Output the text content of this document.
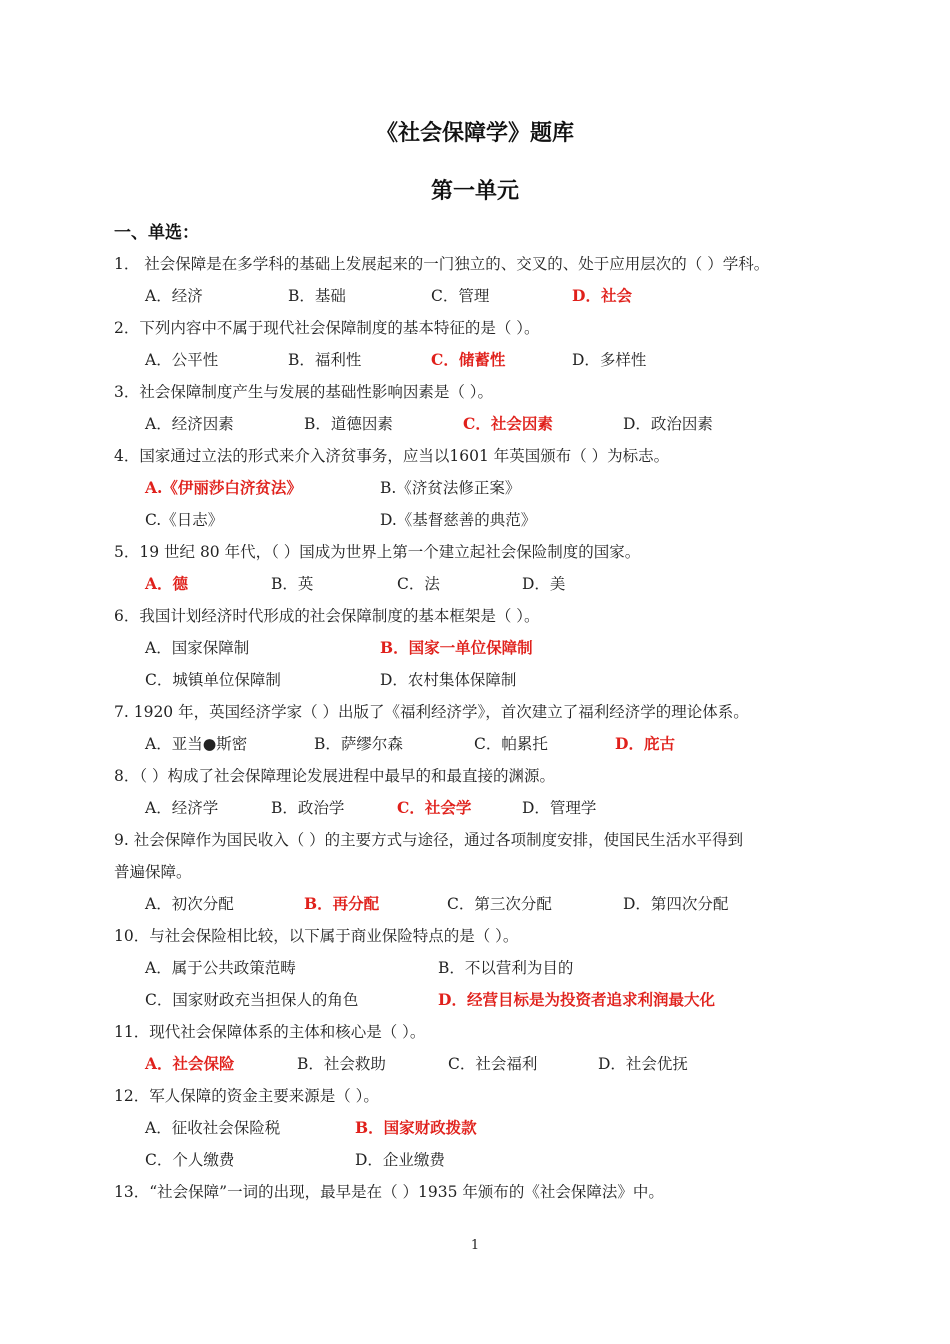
《社会保障学》题库
第一单元
一、单选：
1． 社会保障是在多学科的基础上发展起来的一门独立的、交叉的、处于应用层次的（ ）学科。
A．经济	B．基础	C．管理	D．社会
2．下列内容中不属于现代社会保障制度的基本特征的是（ ）。
A．公平性	B．福利性	C．储蓄性	D．多样性
3．社会保障制度产生与发展的基础性影响因素是（ ）。
A．经济因素	B．道德因素	C．社会因素	D．政治因素
4．国家通过立法的形式来介入济贫事务，应当以1601 年英国颁布（ ）为标志。
A.《伊丽莎白济贫法》	B.《济贫法修正案》
C.《日志》	D.《基督慈善的典范》
5．19 世纪 80 年代，（ ）国成为世界上第一个建立起社会保险制度的国家。
A．德	B．英	C．法	D．美
6．我国计划经济时代形成的社会保障制度的基本框架是（ ）。
A．国家保障制	B．国家一单位保障制
C．城镇单位保障制	D．农村集体保障制
7. 1920 年，英国经济学家（ ）出版了《福利经济学》，首次建立了福利经济学的理论体系。
A．亚当●斯密	B．萨缪尔森	C．帕累托	D．庇古
8．（ ）构成了社会保障理论发展进程中最早的和最直接的渊源。
A．经济学	B．政治学	C．社会学	D．管理学
9. 社会保障作为国民收入（ ）的主要方式与途径，通过各项制度安排，使国民生活水平得到
普遍保障。
A．初次分配	B．再分配	C．第三次分配	D．第四次分配
10．与社会保险相比较，以下属于商业保险特点的是（ ）。
A．属于公共政策范畴	B．不以营利为目的
C．国家财政充当担保人的角色	D．经营目标是为投资者追求利润最大化
11．现代社会保障体系的主体和核心是（ ）。
A．社会保险	B．社会救助	C．社会福利	D．社会优抚
12．军人保障的资金主要来源是（ ）。
A．征收社会保险税	B．国家财政拨款
C．个人缴费	D．企业缴费
13．“社会保障”一词的出现，最早是在（ ）1935 年颁布的《社会保障法》中。
1
